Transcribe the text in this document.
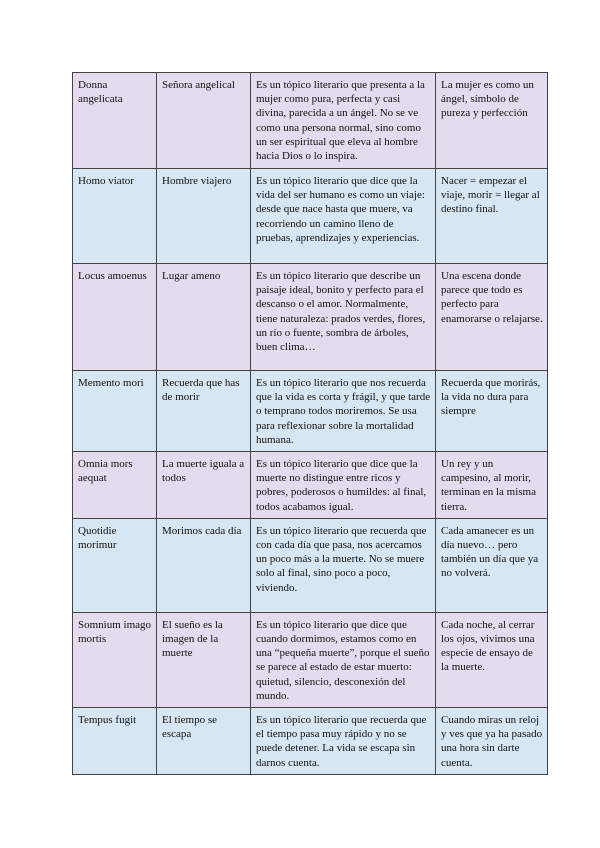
Donna angelicata	Señora angelical	Es un tópico literario que presenta a la mujer como pura, perfecta y casi divina, parecida a un ángel. No se ve como una persona normal, sino como un ser espiritual que eleva al hombre hacia Dios o lo inspira.	La mujer es como un ángel, símbolo de pureza y perfección
Homo viator	Hombre viajero	Es un tópico literario que dice que la vida del ser humano es como un viaje: desde que nace hasta que muere, va recorriendo un camino lleno de pruebas, aprendizajes y experiencias.	Nacer = empezar el viaje, morir = llegar al destino final.
Locus amoenus	Lugar ameno	Es un tópico literario que describe un paisaje ideal, bonito y perfecto para el descanso o el amor. Normalmente, tiene naturaleza: prados verdes, flores, un río o fuente, sombra de árboles, buen clima…	Una escena donde parece que todo es perfecto para enamorarse o relajarse.
Memento mori	Recuerda que has de morir	Es un tópico literario que nos recuerda que la vida es corta y frágil, y que tarde o temprano todos moriremos. Se usa para reflexionar sobre la mortalidad humana.	Recuerda que morirás, la vida no dura para siempre
Omnia mors aequat	La muerte iguala a todos	Es un tópico literario que dice que la muerte no distingue entre ricos y pobres, poderosos o humildes: al final, todos acabamos igual.	Un rey y un campesino, al morir, terminan en la misma tierra.
Quotidie morimur	Morimos cada día	Es un tópico literario que recuerda que con cada día que pasa, nos acercamos un poco más a la muerte. No se muere solo al final, sino poco a poco, viviendo.	Cada amanecer es un día nuevo… pero también un día que ya no volverá.
Somnium imago mortis	El sueño es la imagen de la muerte	Es un tópico literario que dice que cuando dormimos, estamos como en una “pequeña muerte”, porque el sueño se parece al estado de estar muerto: quietud, silencio, desconexión del mundo.	Cada noche, al cerrar los ojos, vivimos una especie de ensayo de la muerte.
Tempus fugit	El tiempo se escapa	Es un tópico literario que recuerda que el tiempo pasa muy rápido y no se puede detener. La vida se escapa sin darnos cuenta.	Cuando miras un reloj y ves que ya ha pasado una hora sin darte cuenta.
